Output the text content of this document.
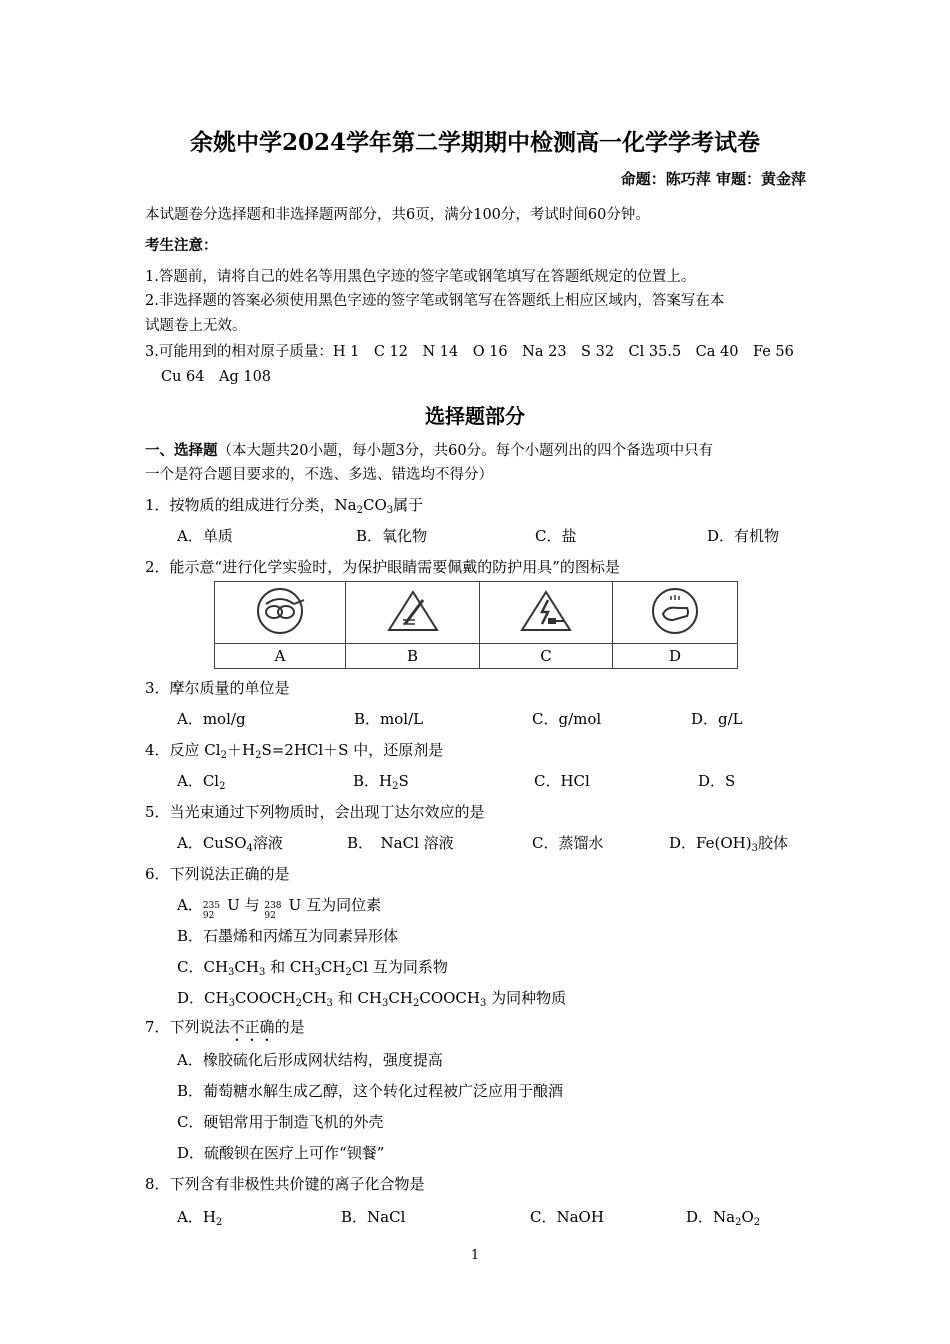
余姚中学2024学年第二学期期中检测高一化学学考试卷
命题：陈巧萍 审题：黄金萍
本试题卷分选择题和非选择题两部分，共6页，满分100分，考试时间60分钟。
考生注意：
1.答题前，请将自己的姓名等用黑色字迹的签字笔或钢笔填写在答题纸规定的位置上。
2.非选择题的答案必须使用黑色字迹的签字笔或钢笔写在答题纸上相应区域内，答案写在本
试题卷上无效。
3.可能用到的相对原子质量：H 1　C 12　N 14　O 16　Na 23　S 32　Cl 35.5　Ca 40　Fe 56
Cu 64　Ag 108
选择题部分
一、选择题（本大题共20小题，每小题3分，共60分。每个小题列出的四个备选项中只有
一个是符合题目要求的，不选、多选、错选均不得分）
1．按物质的组成进行分类，$Na_2CO_3$属于
A．单质	B．氧化物	C．盐	D．有机物
2．能示意“进行化学实验时，为保护眼睛需要佩戴的防护用具”的图标是

A	B	C	D
3．摩尔质量的单位是
A．mol/g	B．mol/L	C．g/mol	D．g/L
4．反应 $Cl_2+H_2S=2HCl+S$ 中，还原剂是
A．$Cl_2$	B．$H_2S$	C．HCl	D．S
5．当光束通过下列物质时，会出现丁达尔效应的是
A．CuSO$_4$溶液	B．　NaCl 溶液	C．蒸馏水	D．$Fe(OH)_3$胶体
6．下列说法正确的是
A． 235
92
U 与 238
92
U 互为同位素
B．石墨烯和丙烯互为同素异形体
C．$CH_3CH_3$ 和 $CH_3CH_2Cl$ 互为同系物
D．$CH_3COOCH_2CH_3$ 和 $CH_3CH_2COOCH_3$ 为同种物质
7．下列说法不正确的是
A．橡胶硫化后形成网状结构，强度提高
B．葡萄糖水解生成乙醇，这个转化过程被广泛应用于酿酒
C．硬铝常用于制造飞机的外壳
D．硫酸钡在医疗上可作“钡餐”
8．下列含有非极性共价键的离子化合物是
A．$H_2$	B．NaCl	C．NaOH	D．$Na_2O_2$
1
